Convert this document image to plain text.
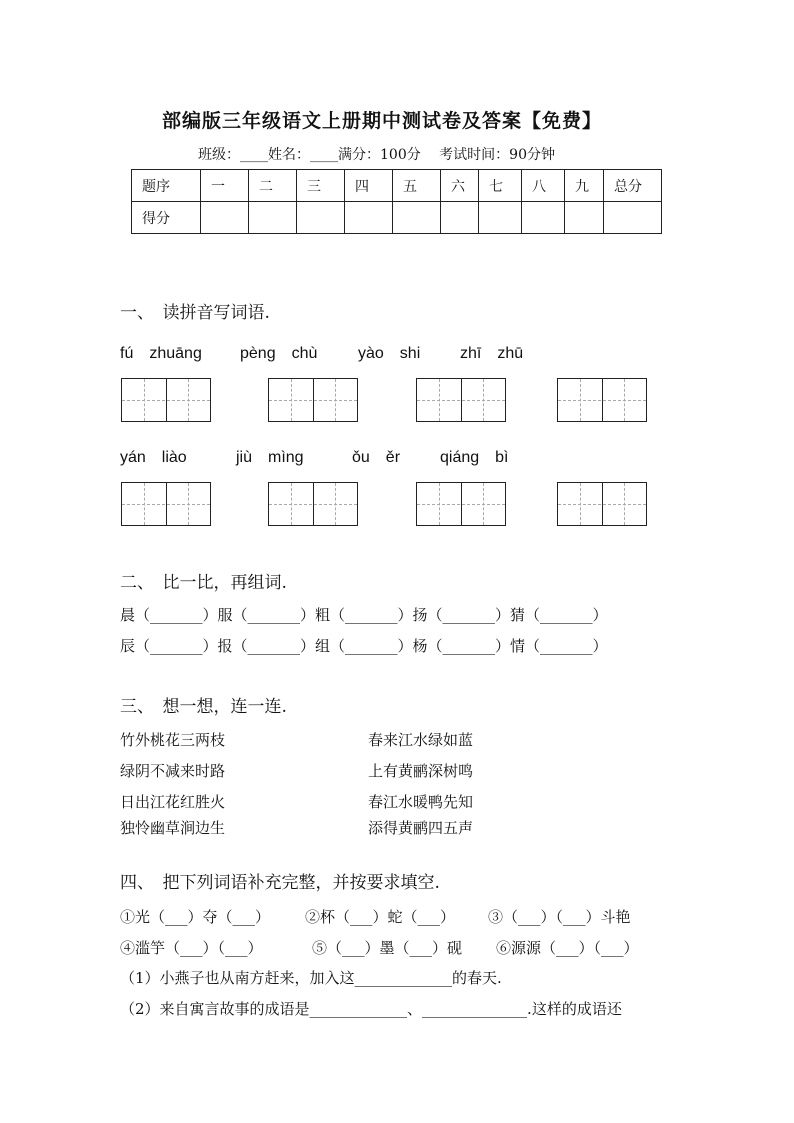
部编版三年级语文上册期中测试卷及答案【免费】
班级：____姓名：____满分：100分　 考试时间：90分钟
题序	一	二	三	四	五	六	七	八	九	总分
得分										
一、　读拼音写词语.
fú　zhuāng pèng　chù	yào　shi zhī　zhū
yán　liào	jiù　mìng	ǒu　ěr qiáng　bì
二、　比一比，再组词.
晨（_______）服（_______）粗（_______）扬（_______）猜（_______）
辰（_______）报（_______）组（_______）杨（_______）情（_______）
三、　想一想，连一连.
竹外桃花三两枝
绿阴不减来时路
日出江花红胜火
独怜幽草涧边生
春来江水绿如蓝
上有黄鹂深树鸣
春江水暖鸭先知
添得黄鹂四五声
四、　把下列词语补充完整，并按要求填空.
①光（___）夺（___） ②杯（___）蛇（___） ③（___）（___）斗艳
④滥竽（___）（___）	⑤（___）墨（___）砚 ⑥源源（___）（___）
（1）小燕子也从南方赶来，加入这_____________的春天.
（2）来自寓言故事的成语是_____________、______________.这样的成语还
